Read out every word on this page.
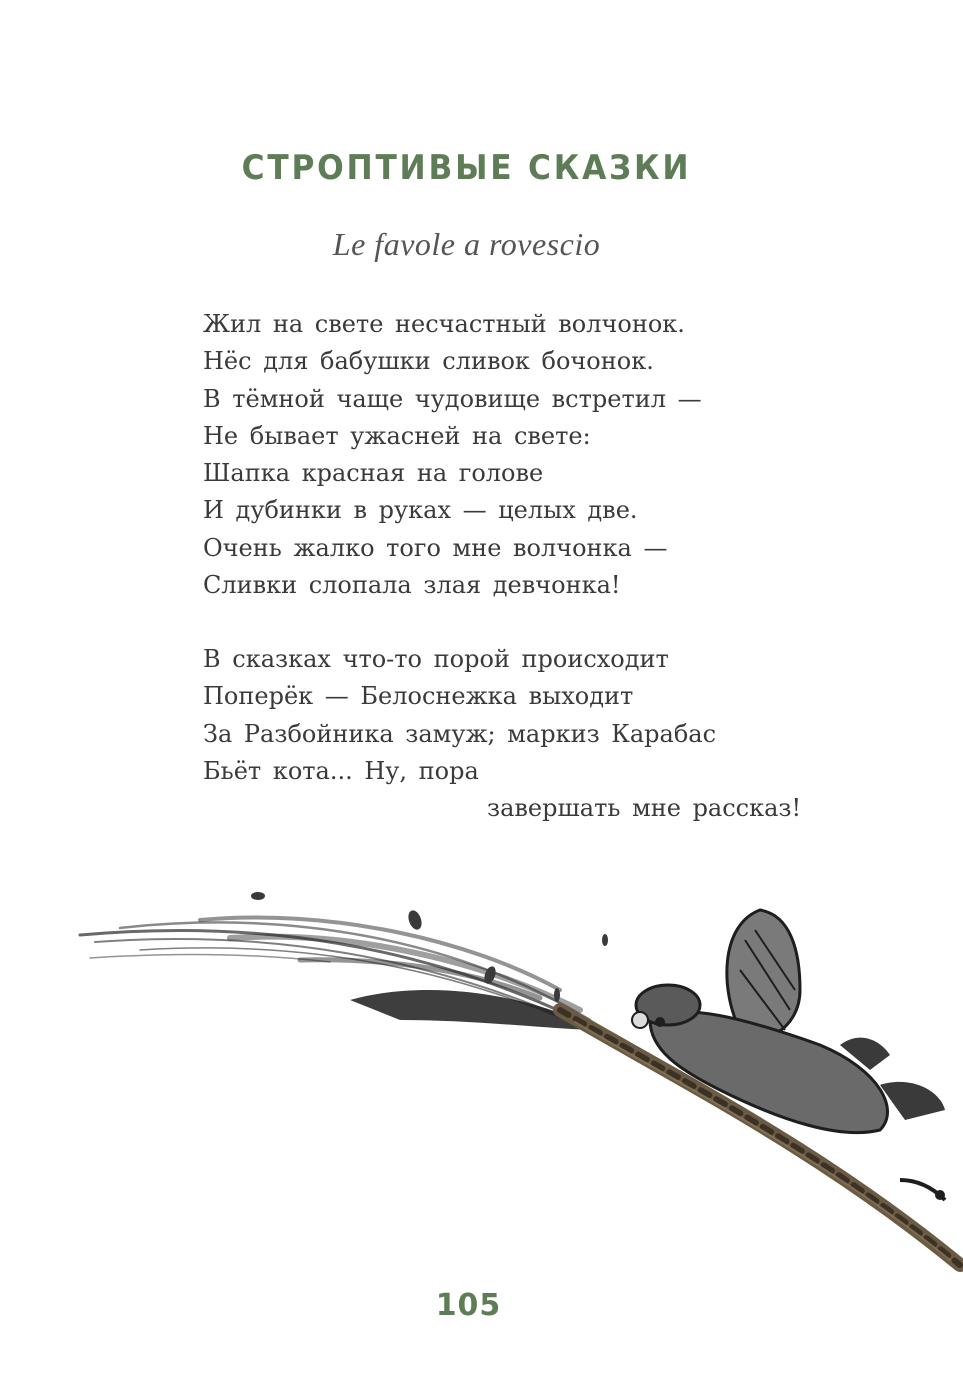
СТРОПТИВЫЕ СКАЗКИ
Le favole a rovescio
Жил на свете несчастный волчонок.
Нёс для бабушки сливок бочонок.
В тёмной чаще чудовище встретил —
Не бывает ужасней на свете:
Шапка красная на голове
И дубинки в руках — целых две.
Очень жалко того мне волчонка —
Сливки слопала злая девчонка!
В сказках что-то порой происходит
Поперёк — Белоснежка выходит
За Разбойника замуж; маркиз Карабас
Бьёт кота... Ну, пора
завершать мне рассказ!
105
